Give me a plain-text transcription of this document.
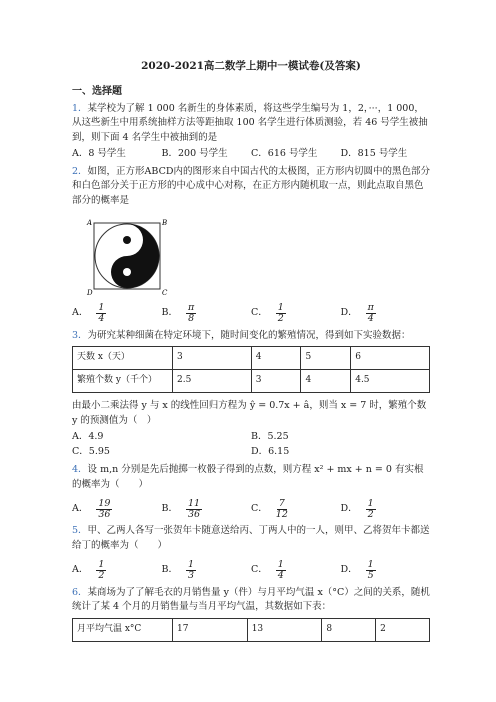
2020-2021高二数学上期中一模试卷(及答案)
一、选择题
1．某学校为了解 1 000 名新生的身体素质，将这些学生编号为 1，2，···，1 000，从这些新生中用系统抽样方法等距抽取 100 名学生进行体质测验，若 46 号学生被抽到，则下面 4 名学生中被抽到的是
A．8 号学生	B．200 号学生	C．616 号学生	D．815 号学生
2．如图，正方形ABCD内的图形来自中国古代的太极图，正方形内切圆中的黑色部分和白色部分关于正方形的中心成中心对称，在正方形内随机取一点，则此点取自黑色部分的概率是
A	B
C
D
A． $\frac{1}{4}$	B． $\frac{\pi}{8}$	C． $\frac{1}{2}$	D． $\frac{\pi}{4}$
3．为研究某种细菌在特定环境下，随时间变化的繁殖情况，得到如下实验数据：
天数 x（天）	3	4	5	6
繁殖个数 y（千个）	2.5	3	4	4.5
由最小二乘法得 y 与 x 的线性回归方程为 ŷ = 0.7x + â，则当 x = 7 时，繁殖个数 y 的预测值为（　）
A．4.9	B．5.25
C．5.95	D．6.15
4．设 m,n 分别是先后抛掷一枚骰子得到的点数，则方程 x² + mx + n = 0 有实根的概率为（　　）
A． $\frac{19}{36}$	B． $\frac{11}{36}$	C． $\frac{7}{12}$	D． $\frac{1}{2}$
5．甲、乙两人各写一张贺年卡随意送给丙、丁两人中的一人，则甲、乙将贺年卡都送给丁的概率为（　　）
A． $\frac{1}{2}$	B． $\frac{1}{3}$	C． $\frac{1}{4}$	D． $\frac{1}{5}$
6．某商场为了了解毛衣的月销售量 y（件）与月平均气温 x（°C）之间的关系，随机统计了某 4 个月的月销售量与当月平均气温，其数据如下表：
月平均气温 x°C	17	13	8	2
